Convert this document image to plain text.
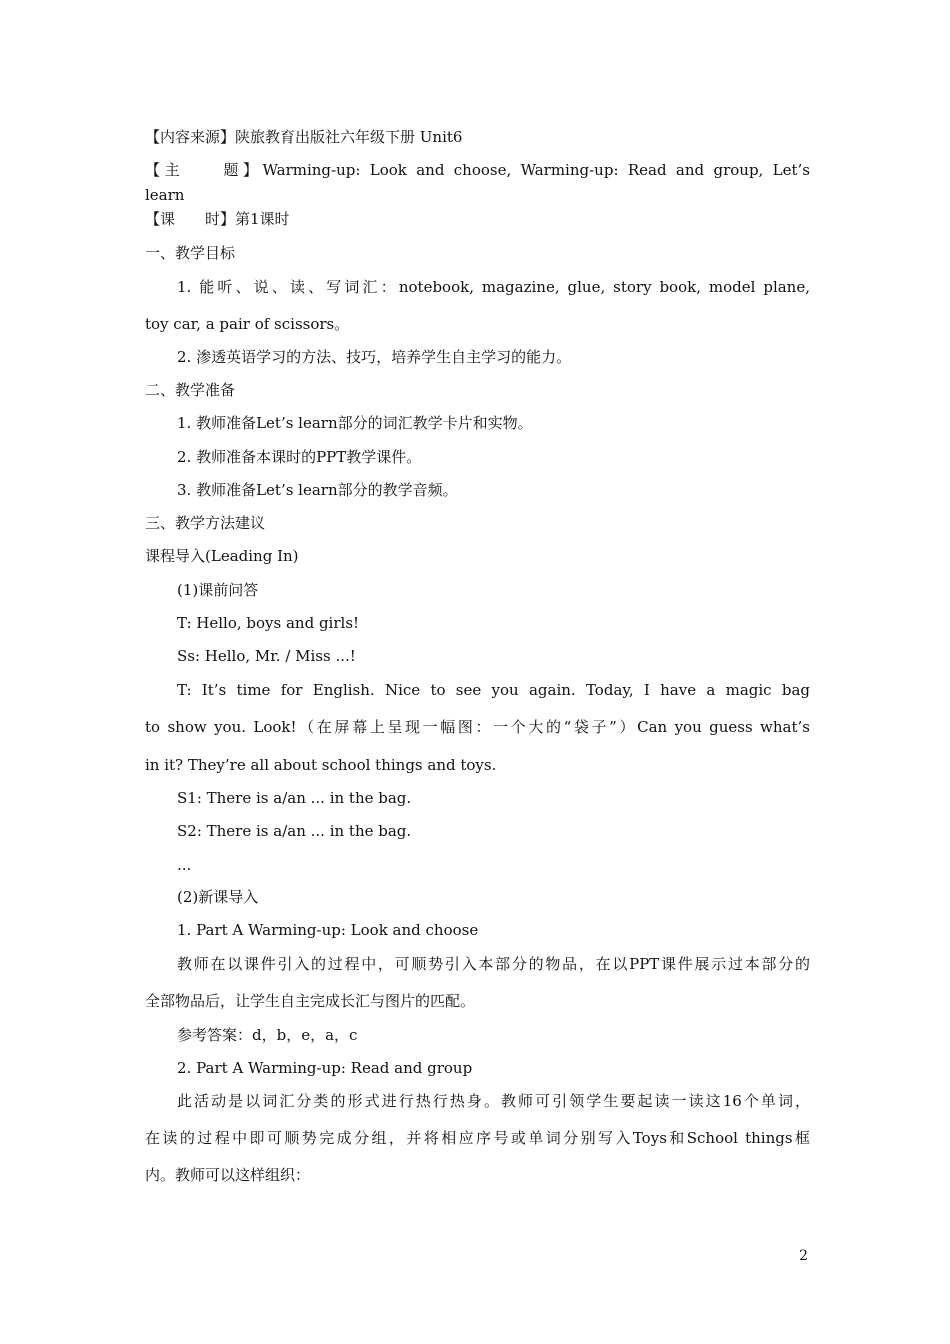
【内容来源】陕旅教育出版社六年级下册 Unit6

【主　　题】Warming-up: Look and choose, Warming-up: Read and group, Let’s

learn

【课　　时】第1课时

一、教学目标

1. 能听、说、读、写词汇：notebook, magazine, glue, story book, model plane,

toy car, a pair of scissors。

2. 渗透英语学习的方法、技巧，培养学生自主学习的能力。

二、教学准备

1. 教师准备Let’s learn部分的词汇教学卡片和实物。

2. 教师准备本课时的PPT教学课件。

3. 教师准备Let’s learn部分的教学音频。

三、教学方法建议

课程导入(Leading In)

(1)课前问答

T: Hello, boys and girls!

Ss: Hello, Mr. / Miss ...!

T: It’s time for English. Nice to see you again. Today, I have a magic bag

to show you. Look!（在屏幕上呈现一幅图：一个大的“袋子”）Can you guess what’s

in it? They’re all about school things and toys.

S1: There is a/an ... in the bag.

S2: There is a/an ... in the bag.

...

(2)新课导入

1. Part A Warming-up: Look and choose

教师在以课件引入的过程中，可顺势引入本部分的物品，在以PPT课件展示过本部分的

全部物品后，让学生自主完成长汇与图片的匹配。

参考答案：d，b，e，a，c

2. Part A Warming-up: Read and group

此活动是以词汇分类的形式进行热行热身。教师可引领学生要起读一读这16个单词，

在读的过程中即可顺势完成分组，并将相应序号或单词分别写入Toys和School things框

内。教师可以这样组织：

2
